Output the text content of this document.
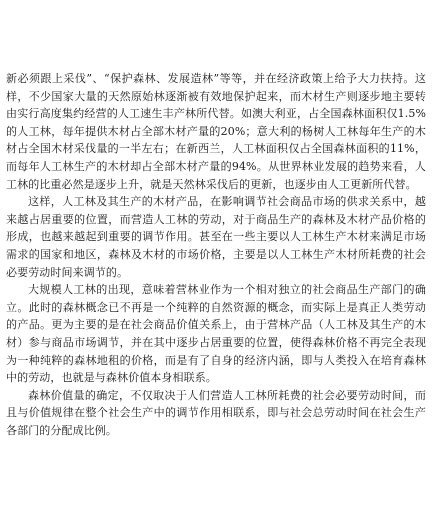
新必须跟上采伐”、“保护森林、发展造林”等等，并在经济政策上给予大力扶持。这样，不少国家大量的天然原始林逐渐被有效地保护起来，而木材生产则逐步地主要转由实行高度集约经营的人工速生丰产林所代替。如澳大利亚，占全国森林面积仅1.5%的人工林，每年提供木材占全部木材产量的20%；意大利的杨树人工林每年生产的木材占全国木材采伐量的一半左右；在新西兰，人工林面积仅占全国森林面积的11%，而每年人工林生产的木材却占全部木材产量的94%。从世界林业发展的趋势来看，人工林的比重必然是逐步上升，就是天然林采伐后的更新，也逐步由人工更新所代替。

这样，人工林及其生产的木材产品，在影响调节社会商品市场的供求关系中，越来越占居重要的位置，而营造人工林的劳动，对于商品生产的森林及木材产品价格的形成，也越来越起到重要的调节作用。甚至在一些主要以人工林生产木材来满足市场需求的国家和地区，森林及木材的市场价格，主要是以人工林生产木材所耗费的社会必要劳动时间来调节的。

大规模人工林的出现，意味着营林业作为一个相对独立的社会商品生产部门的确立。此时的森林概念已不再是一个纯粹的自然资源的概念，而实际上是真正人类劳动的产品。更为主要的是在社会商品价值关系上，由于营林产品（人工林及其生产的木材）参与商品市场调节，并在其中逐步占居重要的位置，使得森林价格不再完全表现为一种纯粹的森林地租的价格，而是有了自身的经济内涵，即与人类投入在培育森林中的劳动，也就是与森林价值本身相联系。

森林价值量的确定，不仅取决于人们营造人工林所耗费的社会必要劳动时间，而且与价值规律在整个社会生产中的调节作用相联系，即与社会总劳动时间在社会生产各部门的分配成比例。
